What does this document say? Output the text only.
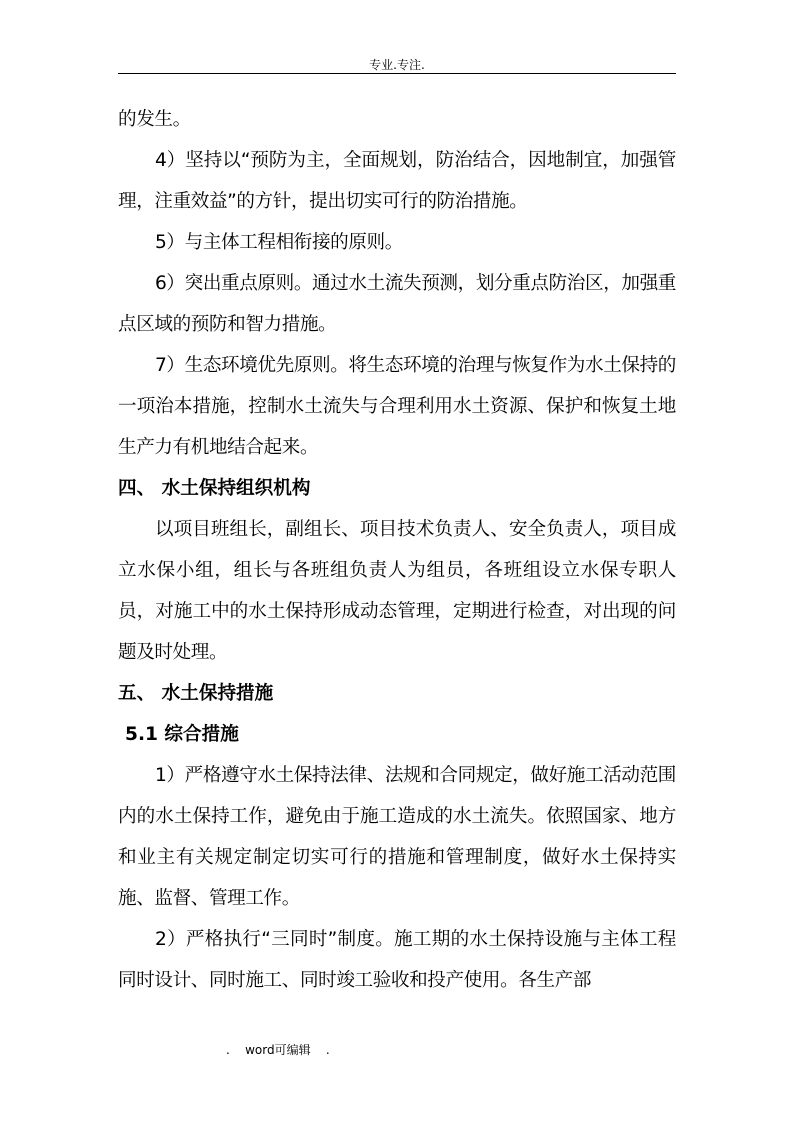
专业.专注.

的发生。

4）坚持以“预防为主，全面规划，防治结合，因地制宜，加强管理，注重效益”的方针，提出切实可行的防治措施。

5）与主体工程相衔接的原则。

6）突出重点原则。通过水土流失预测，划分重点防治区，加强重点区域的预防和智力措施。

7）生态环境优先原则。将生态环境的治理与恢复作为水土保持的一项治本措施，控制水土流失与合理利用水土资源、保护和恢复土地生产力有机地结合起来。

四、 水土保持组织机构

以项目班组长，副组长、项目技术负责人、安全负责人，项目成立水保小组，组长与各班组负责人为组员，各班组设立水保专职人员，对施工中的水土保持形成动态管理，定期进行检查，对出现的问题及时处理。

五、 水土保持措施

5.1 综合措施

1）严格遵守水土保持法律、法规和合同规定，做好施工活动范围内的水土保持工作，避免由于施工造成的水土流失。依照国家、地方和业主有关规定制定切实可行的措施和管理制度，做好水土保持实施、监督、管理工作。

2）严格执行“三同时”制度。施工期的水土保持设施与主体工程同时设计、同时施工、同时竣工验收和投产使用。各生产部

.    word可编辑    .
